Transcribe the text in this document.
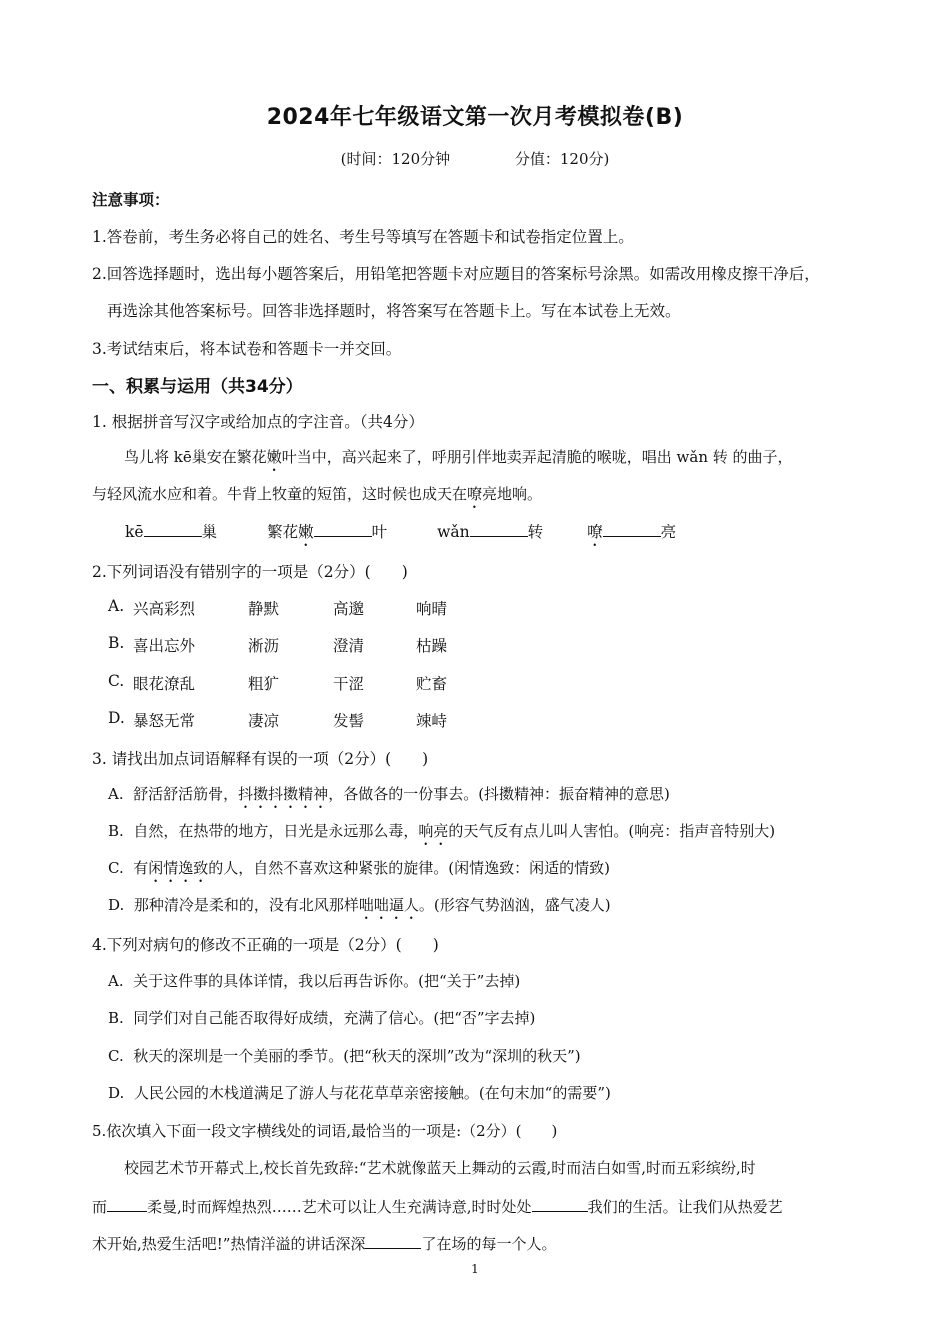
2024年七年级语文第一次月考模拟卷(B)
(时间：120分钟	分值：120分)
注意事项：
1.答卷前，考生务必将自己的姓名、考生号等填写在答题卡和试卷指定位置上。
2.回答选择题时，选出每小题答案后，用铅笔把答题卡对应题目的答案标号涂黑。如需改用橡皮擦干净后，
再选涂其他答案标号。回答非选择题时，将答案写在答题卡上。写在本试卷上无效。
3.考试结束后，将本试卷和答题卡一并交回。
一、积累与运用（共34分）
1. 根据拼音写汉字或给加点的字注音。（共4分）
鸟儿将 kē巢安在繁花嫩叶当中，高兴起来了，呼朋引伴地卖弄起清脆的喉咙，唱出 wǎn 转 的曲子，
与轻风流水应和着。牛背上牧童的短笛，这时候也成天在嘹亮地响。
kē	巢	繁花嫩	叶	wǎn	转	嘹	亮
2.下列词语没有错别字的一项是（2分）(　　)
A. 兴高彩烈	静默	高邈	响晴
B. 喜出忘外	淅沥	澄清	枯躁
C. 眼花潦乱	粗犷	干涩	贮畜
D. 暴怒无常	凄凉	发髻	竦峙
3. 请找出加点词语解释有误的一项（2分）(　　)
A. 舒活舒活筋骨，抖擞抖擞精神，各做各的一份事去。(抖擞精神：振奋精神的意思)
B. 自然，在热带的地方，日光是永远那么毒，响亮的天气反有点儿叫人害怕。(响亮：指声音特别大)
C. 有闲情逸致的人，自然不喜欢这种紧张的旋律。(闲情逸致：闲适的情致)
D. 那种清冷是柔和的，没有北风那样咄咄逼人。(形容气势汹汹，盛气凌人)
4.下列对病句的修改不正确的一项是（2分）(　　)
A. 关于这件事的具体详情，我以后再告诉你。(把“关于”去掉)
B. 同学们对自己能否取得好成绩，充满了信心。(把“否”字去掉)
C. 秋天的深圳是一个美丽的季节。(把“秋天的深圳”改为“深圳的秋天”)
D. 人民公园的木栈道满足了游人与花花草草亲密接触。(在句末加“的需要”)
5.依次填入下面一段文字横线处的词语,最恰当的一项是:（2分）(　　)
校园艺术节开幕式上,校长首先致辞:“艺术就像蓝天上舞动的云霞,时而洁白如雪,时而五彩缤纷,时
而	柔曼,时而辉煌热烈……艺术可以让人生充满诗意,时时处处	我们的生活。让我们从热爱艺
术开始,热爱生活吧!”热情洋溢的讲话深深	了在场的每一个人。
1
